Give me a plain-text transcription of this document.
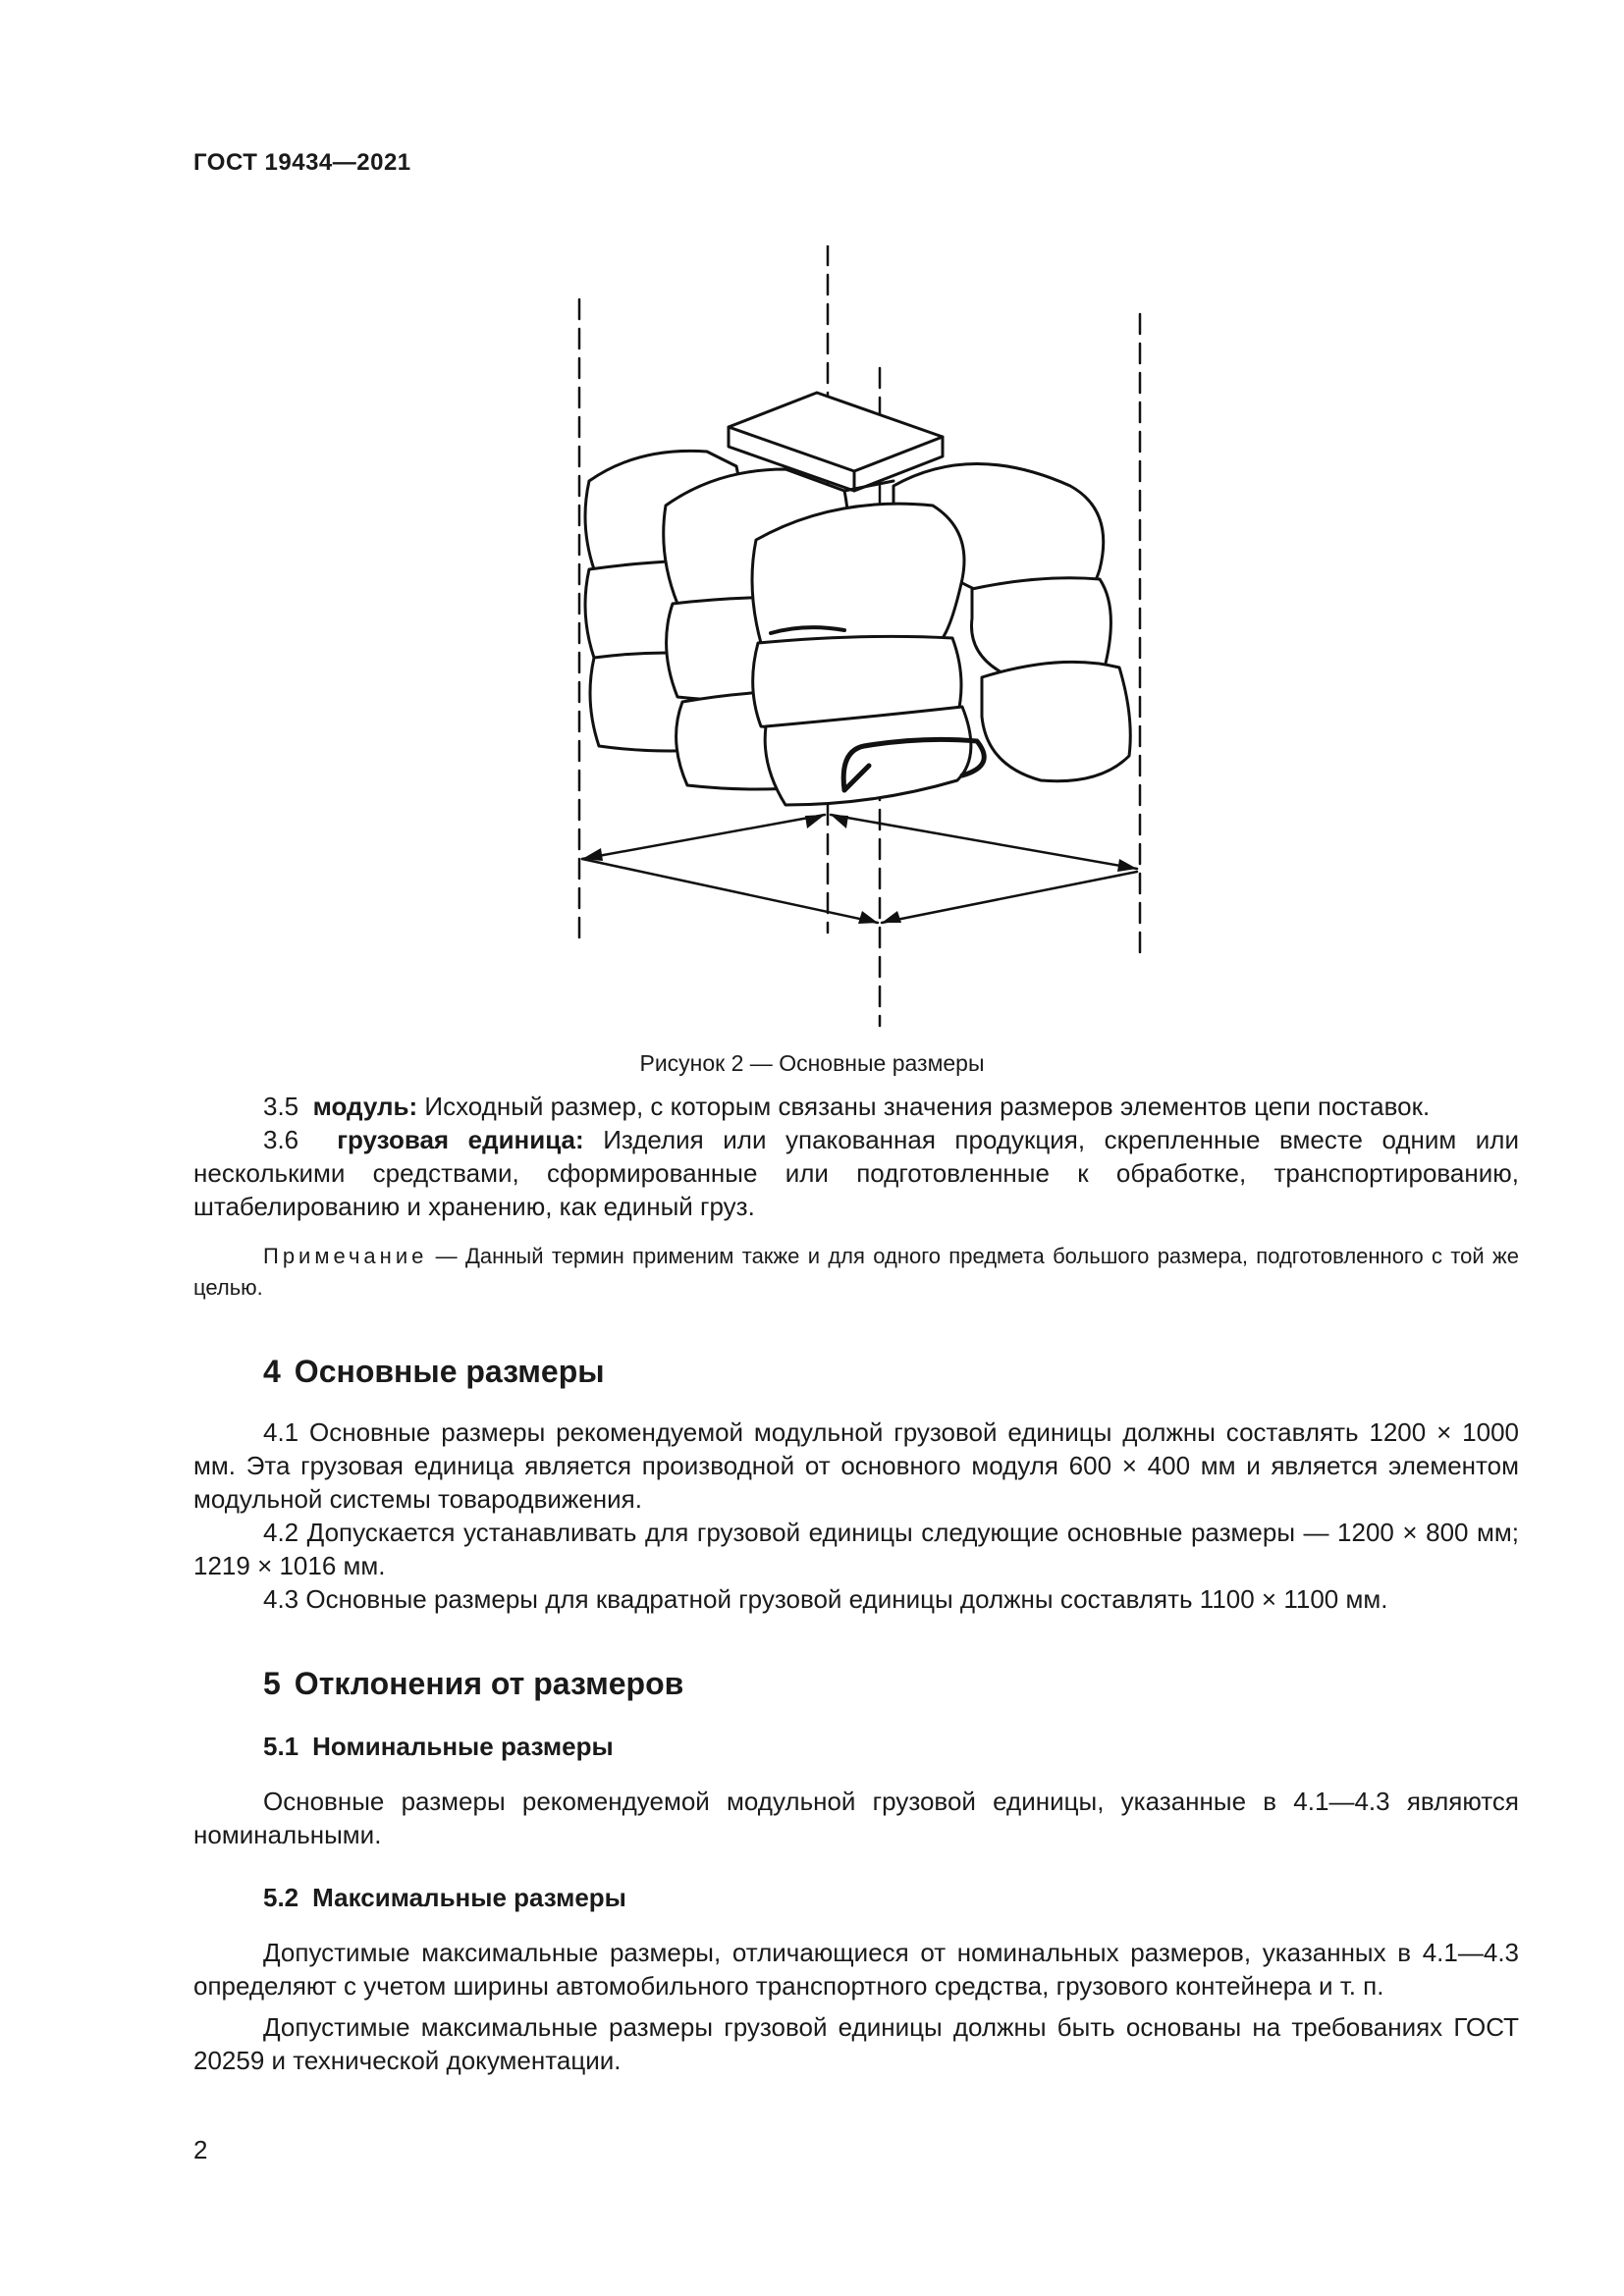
ГОСТ 19434—2021
Рисунок 2 — Основные размеры

3.5 модуль: Исходный размер, с которым связаны значения размеров элементов цепи поставок.

3.6 грузовая единица: Изделия или упакованная продукция, скрепленные вместе одним или несколькими средствами, сформированные или подготовленные к обработке, транспортированию, штабелированию и хранению, как единый груз.

Примечание — Данный термин применим также и для одного предмета большого размера, подготовленного с той же целью.

4 Основные размеры

4.1 Основные размеры рекомендуемой модульной грузовой единицы должны составлять 1200 × 1000 мм. Эта грузовая единица является производной от основного модуля 600 × 400 мм и является элементом модульной системы товародвижения.

4.2 Допускается устанавливать для грузовой единицы следующие основные размеры — 1200 × 800 мм; 1219 × 1016 мм.

4.3 Основные размеры для квадратной грузовой единицы должны составлять 1100 × 1100 мм.

5 Отклонения от размеров
5.1 Номинальные размеры

Основные размеры рекомендуемой модульной грузовой единицы, указанные в 4.1—4.3 являются номинальными.

5.2 Максимальные размеры

Допустимые максимальные размеры, отличающиеся от номинальных размеров, указанных в 4.1—4.3 определяют с учетом ширины автомобильного транспортного средства, грузового контейнера и т. п.

Допустимые максимальные размеры грузовой единицы должны быть основаны на требованиях ГОСТ 20259 и технической документации.

2
